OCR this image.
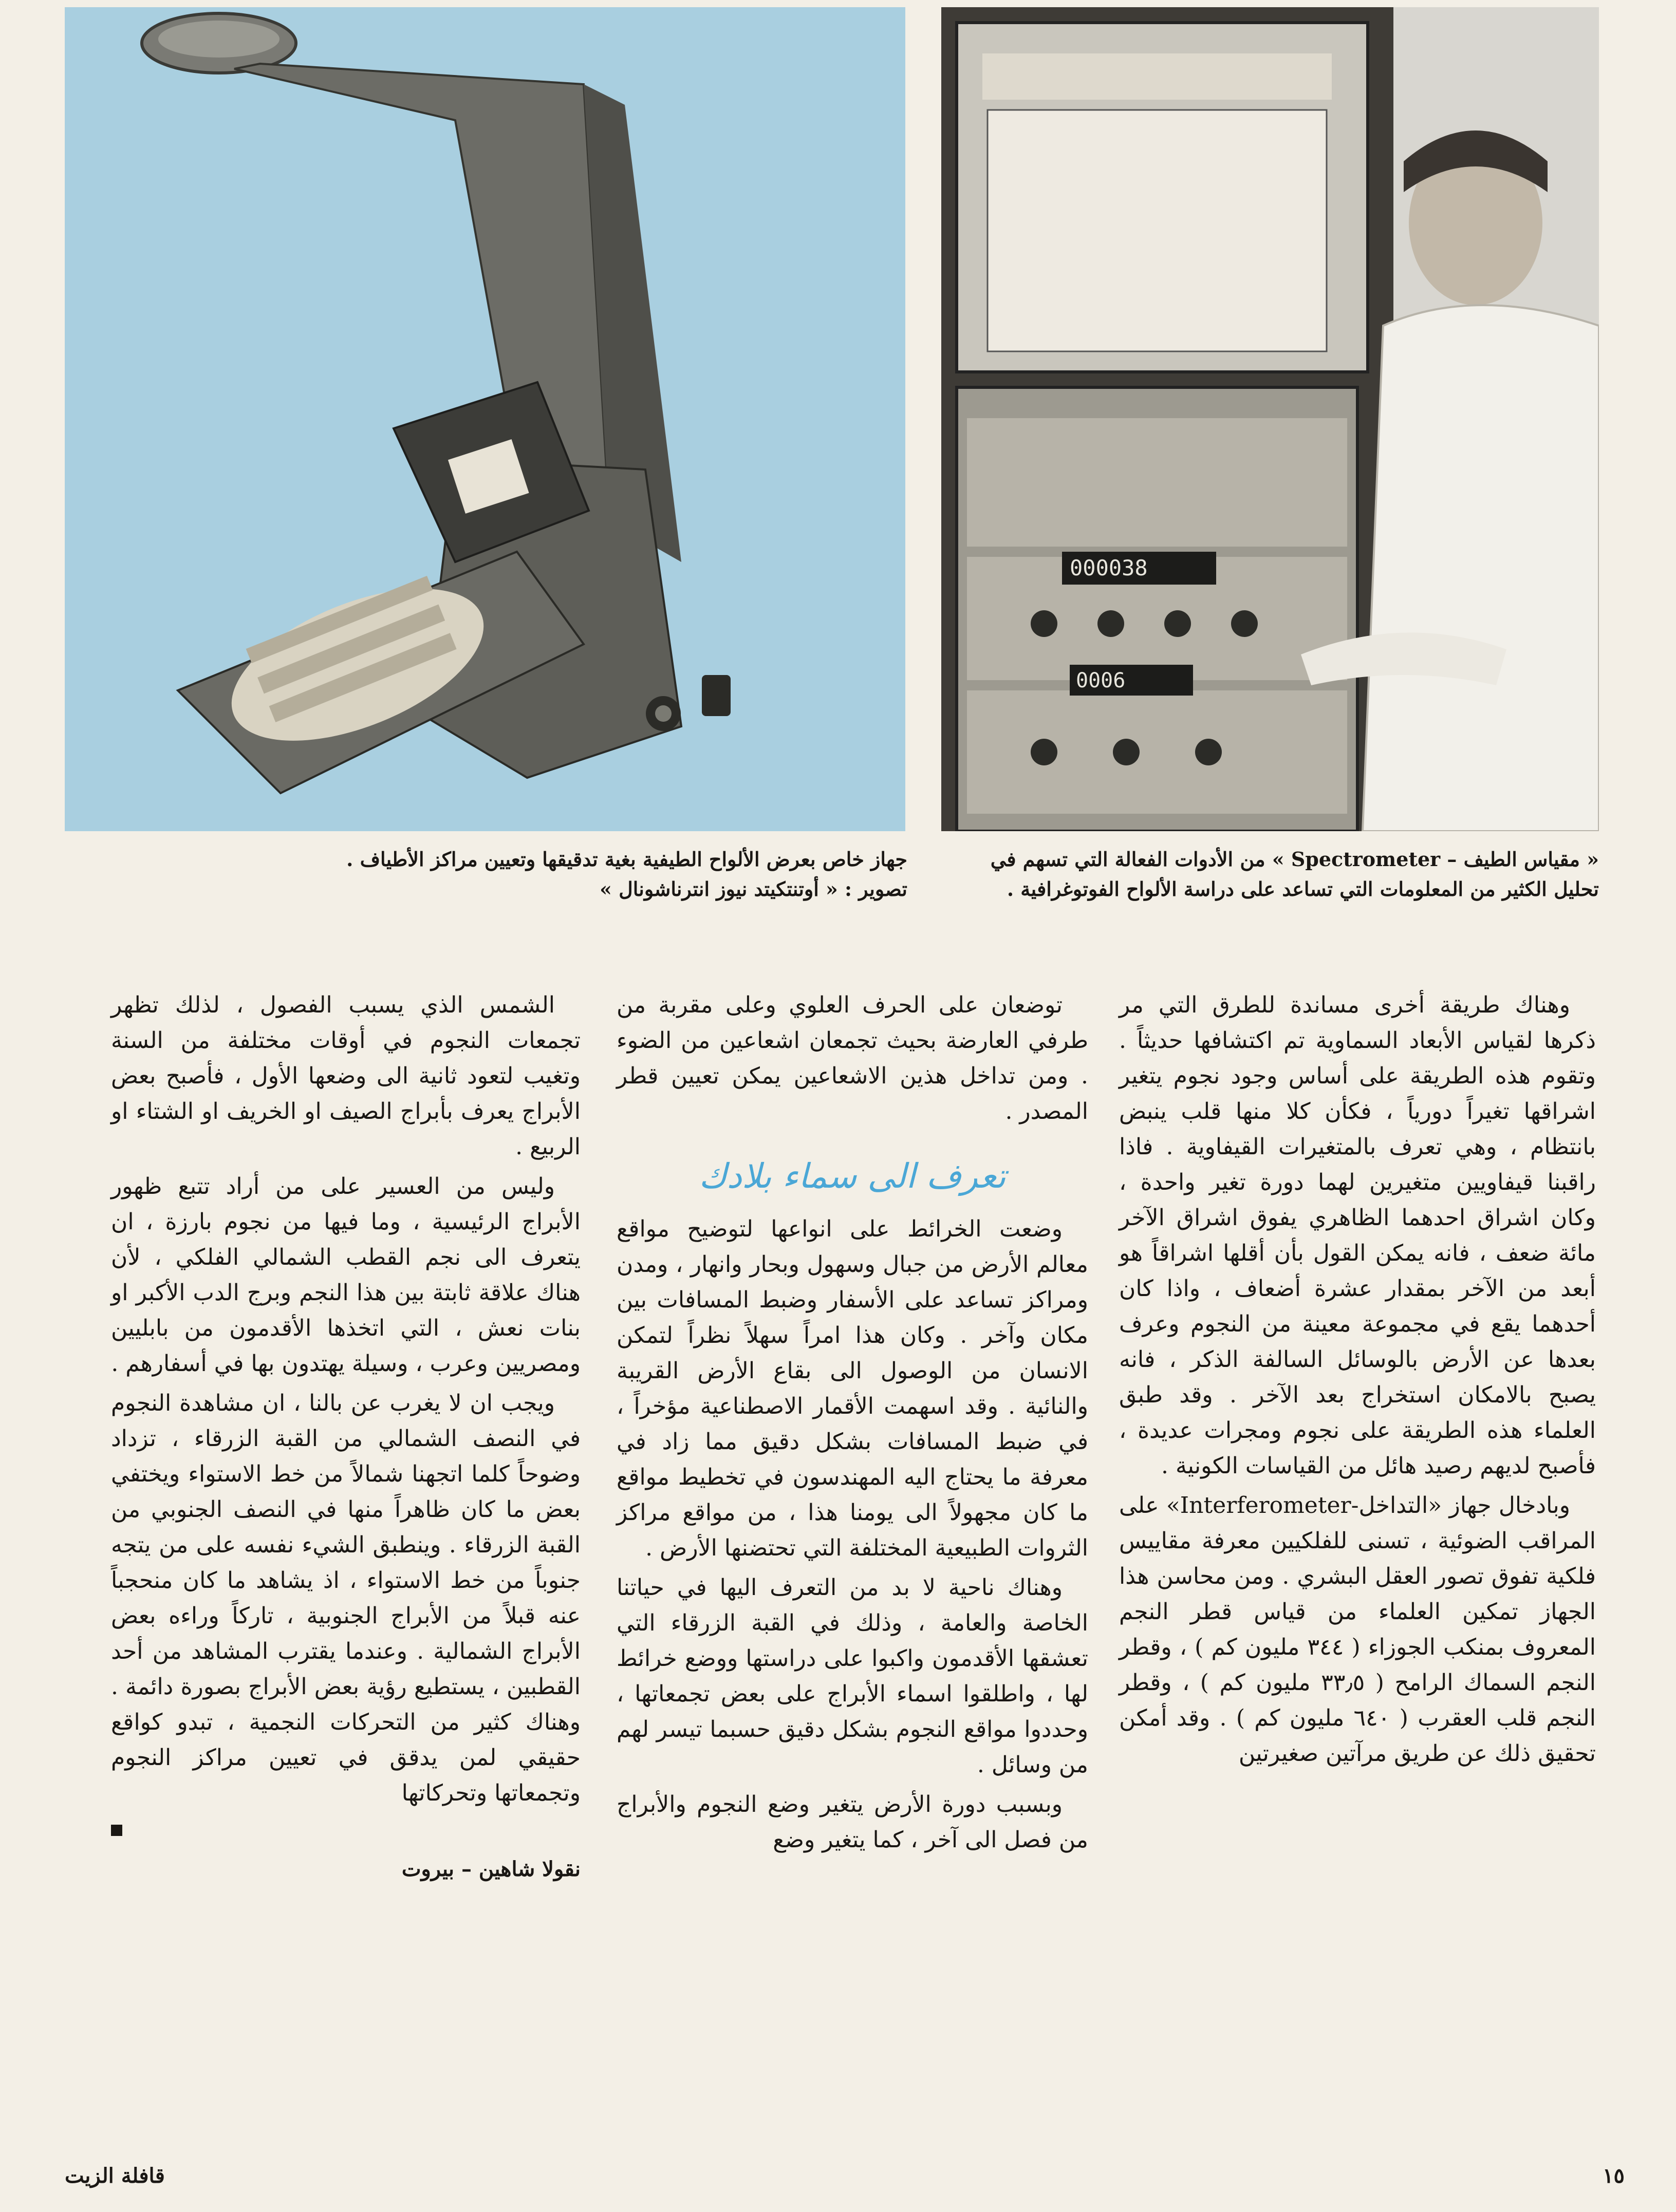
000038
0006
« مقياس الطيف – Spectrometer » من الأدوات الفعالة التي تسهم في تحليل الكثير من المعلومات التي تساعد على دراسة الألواح الفوتوغرافية .
جهاز خاص بعرض الألواح الطيفية بغية تدقيقها وتعيين مراكز الأطياف .
تصوير : « أوتنتكيتد نيوز انترناشونال »

وهناك طريقة أخرى مساندة للطرق التي مر ذكرها لقياس الأبعاد السماوية تم اكتشافها حديثاً . وتقوم هذه الطريقة على أساس وجود نجوم يتغير اشراقها تغيراً دورياً ، فكأن كلا منها قلب ينبض بانتظام ، وهي تعرف بالمتغيرات القيفاوية . فاذا راقبنا قيفاويين متغيرين لهما دورة تغير واحدة ، وكان اشراق احدهما الظاهري يفوق اشراق الآخر مائة ضعف ، فانه يمكن القول بأن أقلها اشراقاً هو أبعد من الآخر بمقدار عشرة أضعاف ، واذا كان أحدهما يقع في مجموعة معينة من النجوم وعرف بعدها عن الأرض بالوسائل السالفة الذكر ، فانه يصبح بالامكان استخراج بعد الآخر . وقد طبق العلماء هذه الطريقة على نجوم ومجرات عديدة ، فأصبح لديهم رصيد هائل من القياسات الكونية .

وبادخال جهاز «التداخل-Interferometer» على المراقب الضوئية ، تسنى للفلكيين معرفة مقاييس فلكية تفوق تصور العقل البشري . ومن محاسن هذا الجهاز تمكين العلماء من قياس قطر النجم المعروف بمنكب الجوزاء ( ٣٤٤ مليون كم ) ، وقطر النجم السماك الرامح ( ٣٣٫٥ مليون كم ) ، وقطر النجم قلب العقرب ( ٦٤٠ مليون كم ) . وقد أمكن تحقيق ذلك عن طريق مرآتين صغيرتين

توضعان على الحرف العلوي وعلى مقربة من طرفي العارضة بحيث تجمعان اشعاعين من الضوء . ومن تداخل هذين الاشعاعين يمكن تعيين قطر المصدر .

تعرف الى سماء بلادك

وضعت الخرائط على انواعها لتوضيح مواقع معالم الأرض من جبال وسهول وبحار وانهار ، ومدن ومراكز تساعد على الأسفار وضبط المسافات بين مكان وآخر . وكان هذا امراً سهلاً نظراً لتمكن الانسان من الوصول الى بقاع الأرض القريبة والنائية . وقد اسهمت الأقمار الاصطناعية مؤخراً ، في ضبط المسافات بشكل دقيق مما زاد في معرفة ما يحتاج اليه المهندسون في تخطيط مواقع ما كان مجهولاً الى يومنا هذا ، من مواقع مراكز الثروات الطبيعية المختلفة التي تحتضنها الأرض .

وهناك ناحية لا بد من التعرف اليها في حياتنا الخاصة والعامة ، وذلك في القبة الزرقاء التي تعشقها الأقدمون واكبوا على دراستها ووضع خرائط لها ، واطلقوا اسماء الأبراج على بعض تجمعاتها ، وحددوا مواقع النجوم بشكل دقيق حسبما تيسر لهم من وسائل .

وبسبب دورة الأرض يتغير وضع النجوم والأبراج من فصل الى آخر ، كما يتغير وضع

الشمس الذي يسبب الفصول ، لذلك تظهر تجمعات النجوم في أوقات مختلفة من السنة وتغيب لتعود ثانية الى وضعها الأول ، فأصبح بعض الأبراج يعرف بأبراج الصيف او الخريف او الشتاء او الربيع .

وليس من العسير على من أراد تتبع ظهور الأبراج الرئيسية ، وما فيها من نجوم بارزة ، ان يتعرف الى نجم القطب الشمالي الفلكي ، لأن هناك علاقة ثابتة بين هذا النجم وبرج الدب الأكبر او بنات نعش ، التي اتخذها الأقدمون من بابليين ومصريين وعرب ، وسيلة يهتدون بها في أسفارهم .

ويجب ان لا يغرب عن بالنا ، ان مشاهدة النجوم في النصف الشمالي من القبة الزرقاء ، تزداد وضوحاً كلما اتجهنا شمالاً من خط الاستواء ويختفي بعض ما كان ظاهراً منها في النصف الجنوبي من القبة الزرقاء . وينطبق الشيء نفسه على من يتجه جنوباً من خط الاستواء ، اذ يشاهد ما كان منحجباً عنه قبلاً من الأبراج الجنوبية ، تاركاً وراءه بعض الأبراج الشمالية . وعندما يقترب المشاهد من أحد القطبين ، يستطيع رؤية بعض الأبراج بصورة دائمة . وهناك كثير من التحركات النجمية ، تبدو كواقع حقيقي لمن يدقق في تعيين مراكز النجوم وتجمعاتها وتحركاتها

نقولا شاهين – بيروت
١٥
قافلة الزيت
